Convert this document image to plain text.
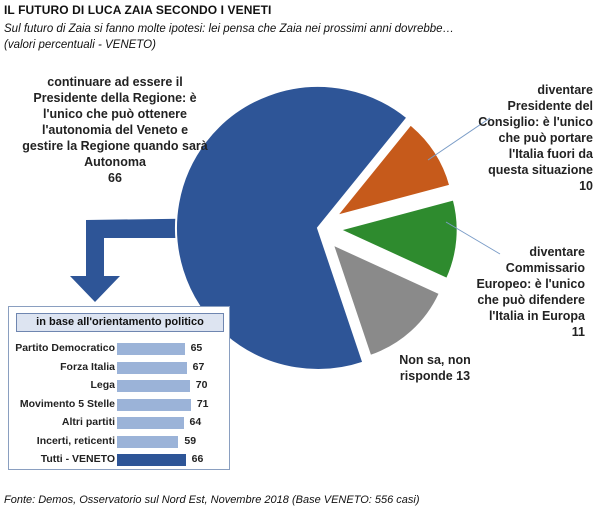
IL FUTURO DI LUCA ZAIA SECONDO I VENETI
Sul futuro di Zaia si fanno molte ipotesi: lei pensa che Zaia nei prossimi anni dovrebbe…
(valori percentuali - VENETO)
continuare ad essere il
Presidente della Regione: è
l'unico che può ottenere
l'autonomia del Veneto e
gestire la Regione quando sarà
Autonoma
66
diventare
Presidente del
Consiglio: è l'unico
che può portare
l'Italia fuori da
questa situazione
10
diventare
Commissario
Europeo: è l'unico
che può difendere
l'Italia in Europa
11
Non sa, non
risponde 13
in base all'orientamento politico
Partito Democratico	65
Forza Italia	67
Lega	70
Movimento 5 Stelle	71
Altri partiti	64
Incerti, reticenti	59
Tutti - VENETO	66
Fonte: Demos, Osservatorio sul Nord Est, Novembre 2018 (Base VENETO: 556 casi)
